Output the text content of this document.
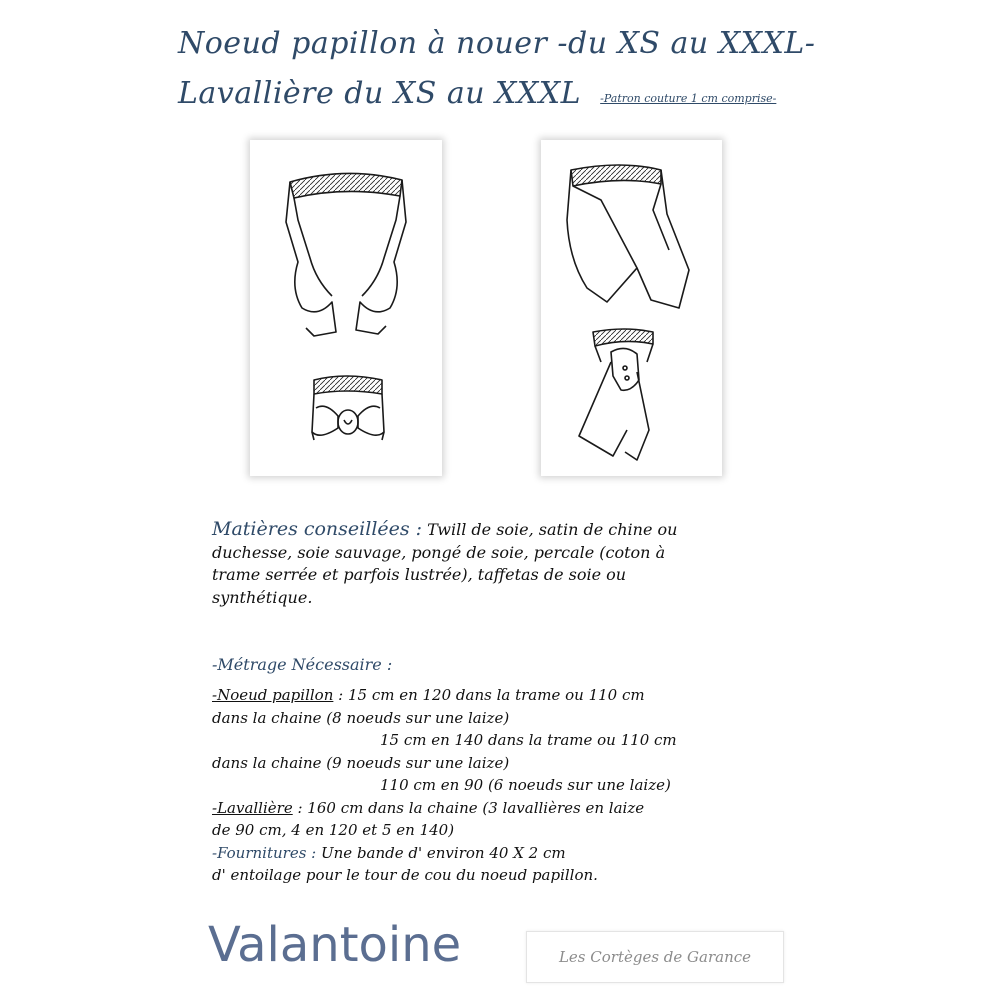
Noeud papillon à nouer -du XS au XXXL-
Lavallière du XS au XXXL -Patron couture 1 cm comprise-
Matières conseillées : Twill de soie, satin de chine ou
duchesse, soie sauvage, pongé de soie, percale (coton à
trame serrée et parfois lustrée), taffetas de soie ou
synthétique.
-Métrage Nécessaire :
-Noeud papillon : 15 cm en 120 dans la trame ou 110 cm
dans la chaine (8 noeuds sur une laize)
15 cm en 140 dans la trame ou 110 cm
dans la chaine (9 noeuds sur une laize)
110 cm en 90 (6 noeuds sur une laize)
-Lavallière : 160 cm dans la chaine (3 lavallières en laize
de 90 cm, 4 en 120 et 5 en 140)
-Fournitures : Une bande d' environ 40 X 2 cm
d' entoilage pour le tour de cou du noeud papillon.
Valantoine	Les Cortèges de Garance
